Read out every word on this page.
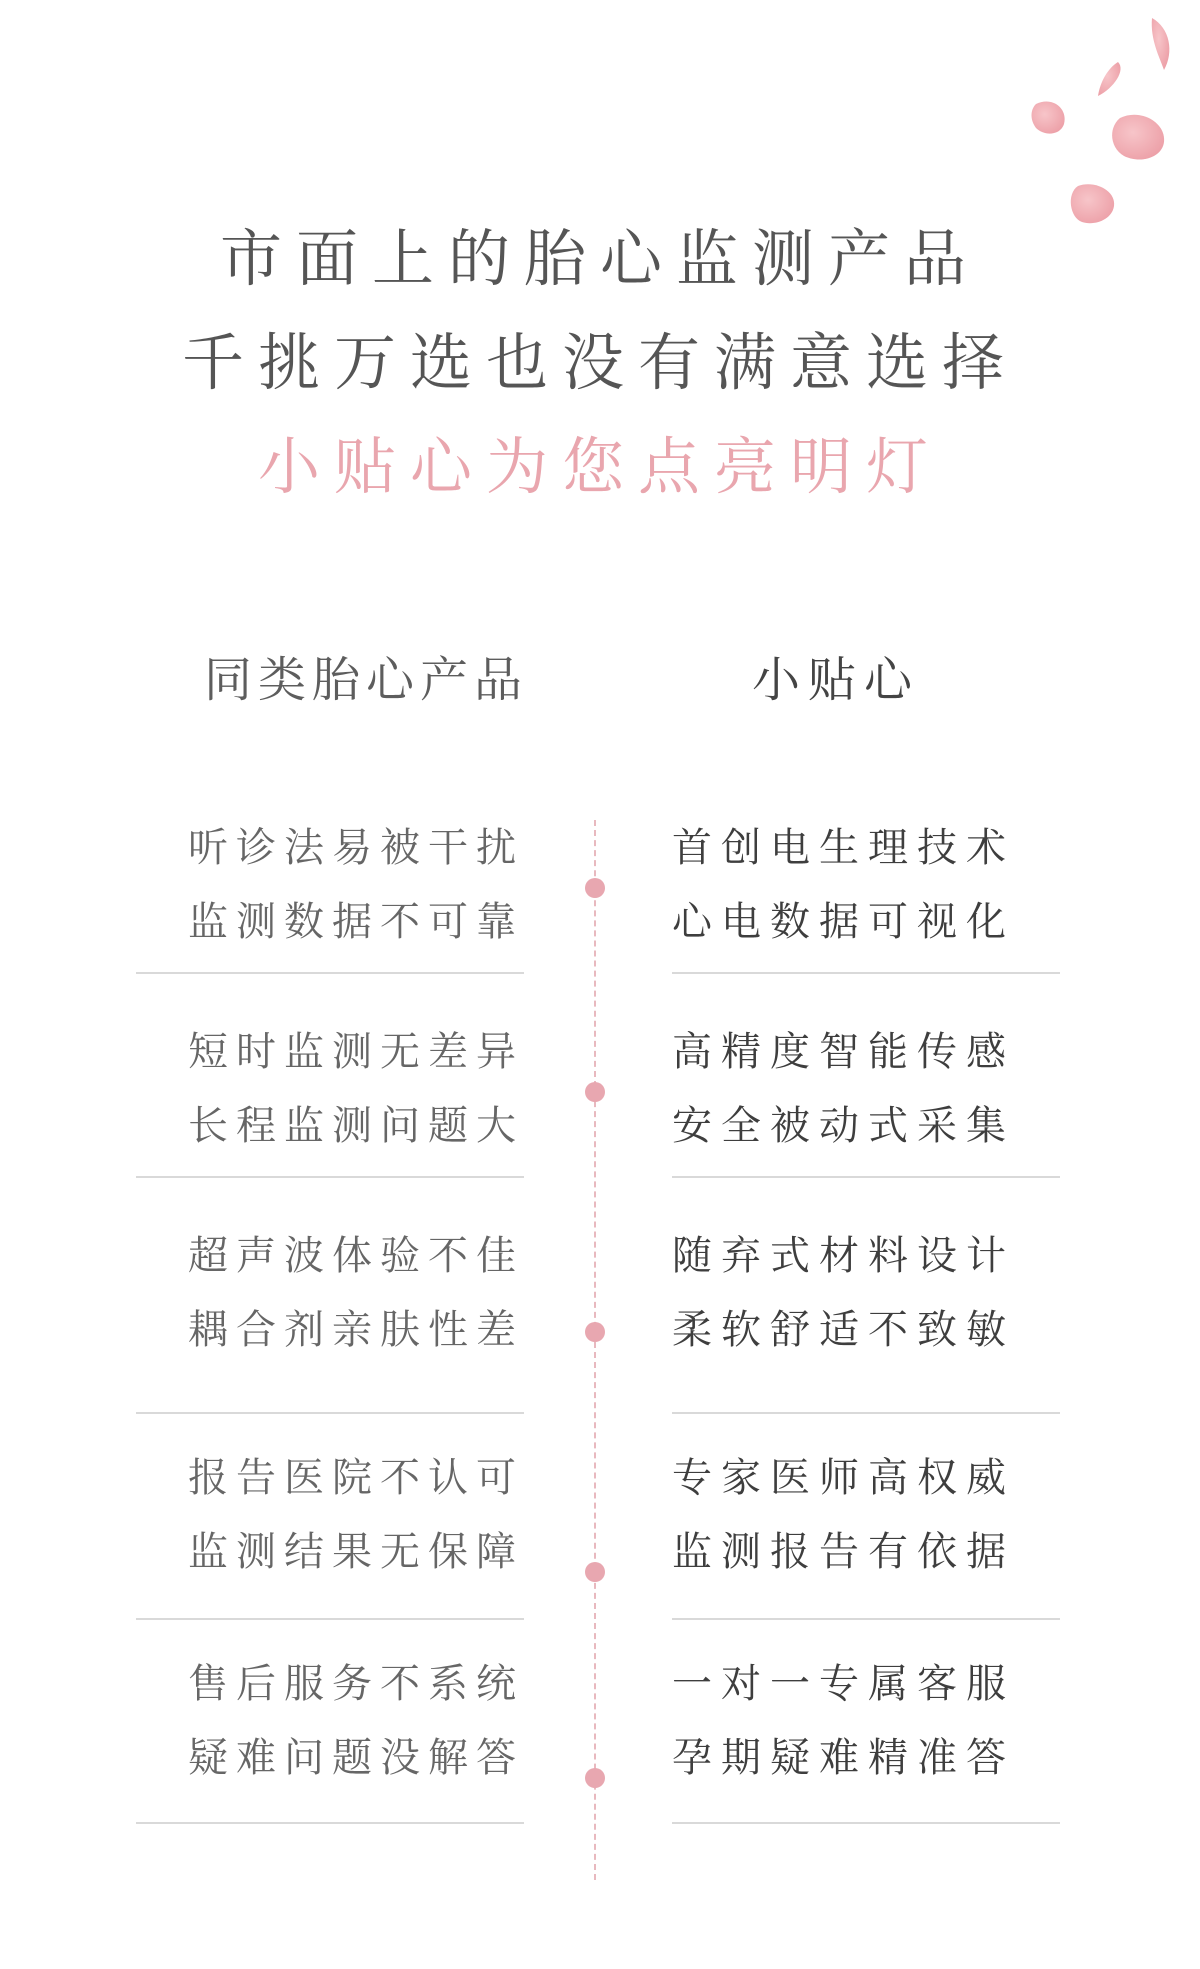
市面上的胎心监测产品
千挑万选也没有满意选择
小贴心为您点亮明灯
同类胎心产品	小贴心
听诊法易被干扰
监测数据不可靠
首创电生理技术
心电数据可视化
短时监测无差异
长程监测问题大
高精度智能传感
安全被动式采集
超声波体验不佳
耦合剂亲肤性差
随弃式材料设计
柔软舒适不致敏
报告医院不认可
监测结果无保障
专家医师高权威
监测报告有依据
售后服务不系统
疑难问题没解答
一对一专属客服
孕期疑难精准答
